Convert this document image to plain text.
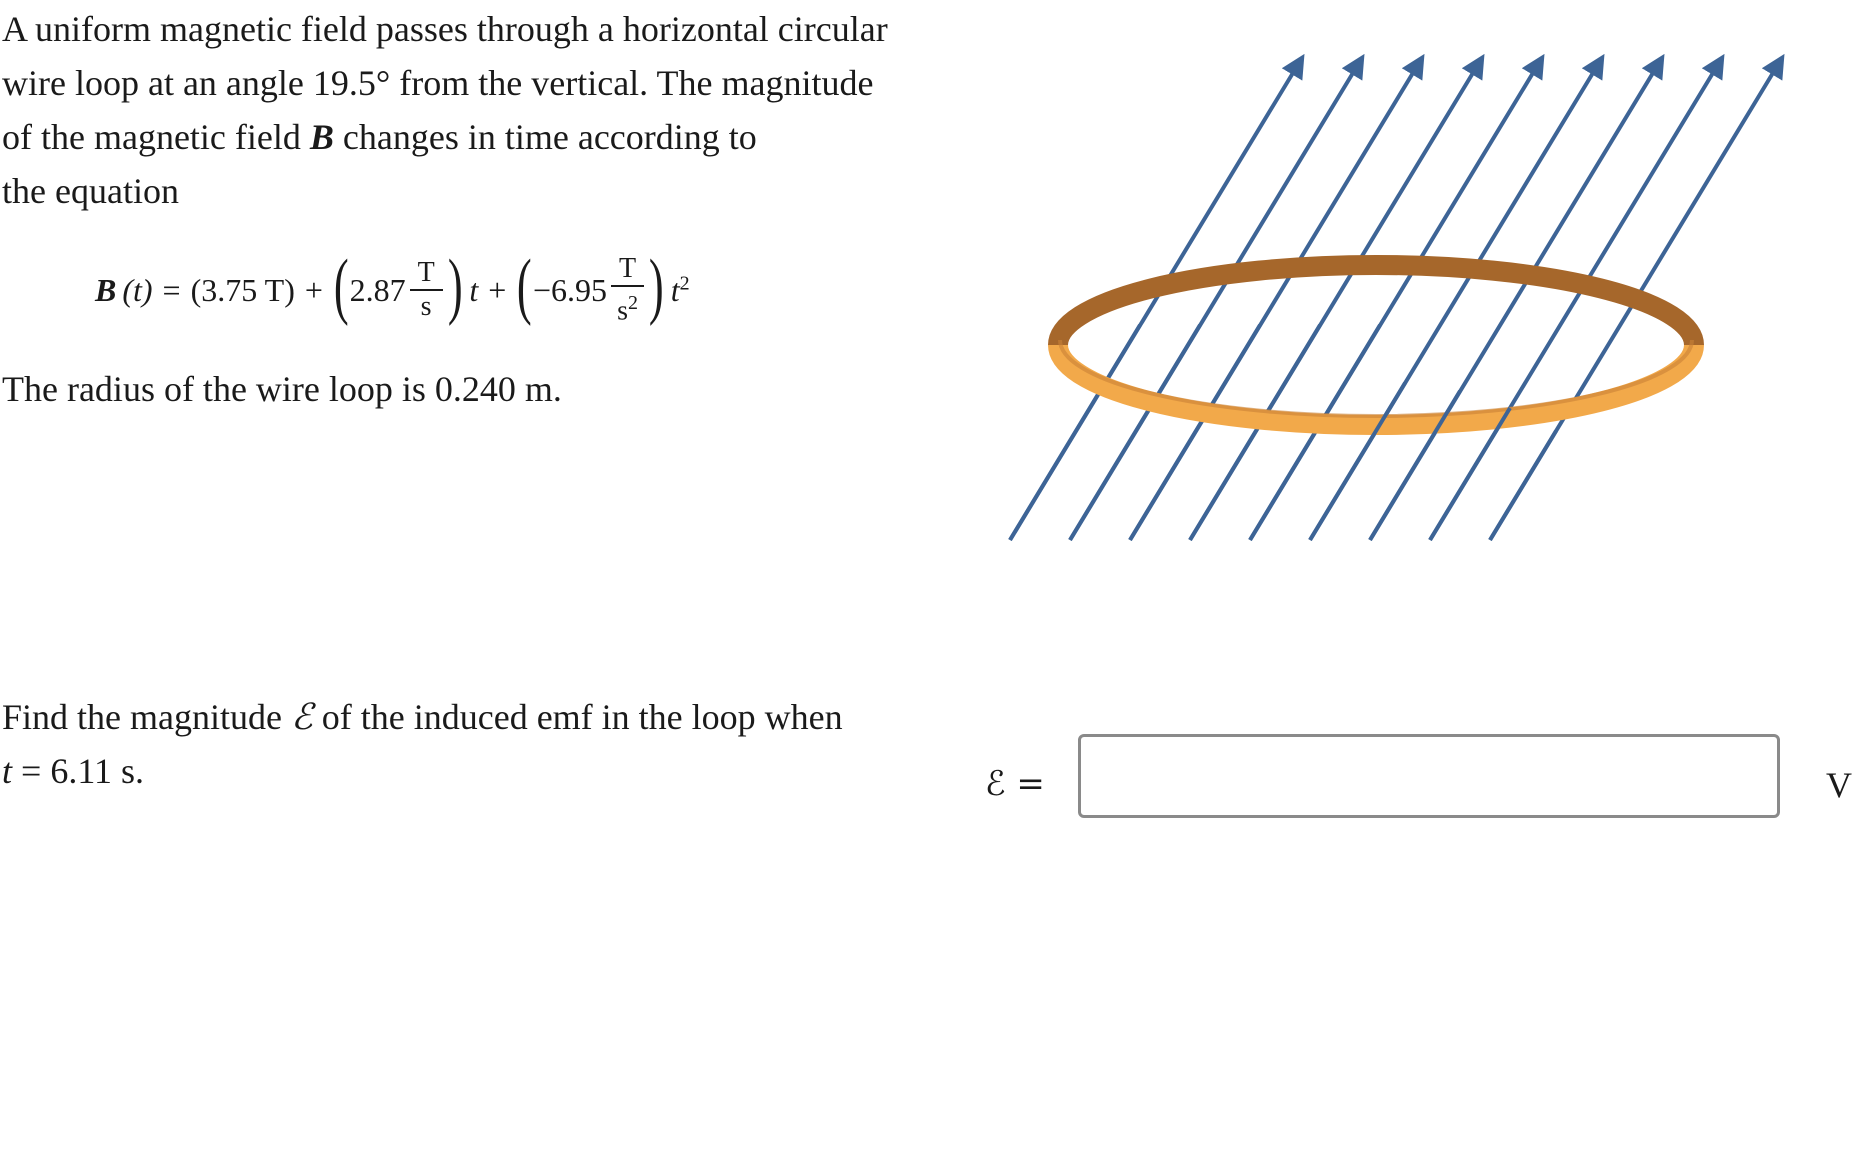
A uniform magnetic field passes through a horizontal circular

wire loop at an angle 19.5° from the vertical. The magnitude

of the magnetic field B changes in time according to

the equation

B (t) = (3.75 T) + ( $2.87 \frac{T}{s}$ ) t + ( $-6.95 \frac{T}{s^2}$ ) $t^2$
The radius of the wire loop is 0.240 m.

Find the magnitude ℰ of the induced emf in the loop when

t = 6.11 s.	ℰ =	V
